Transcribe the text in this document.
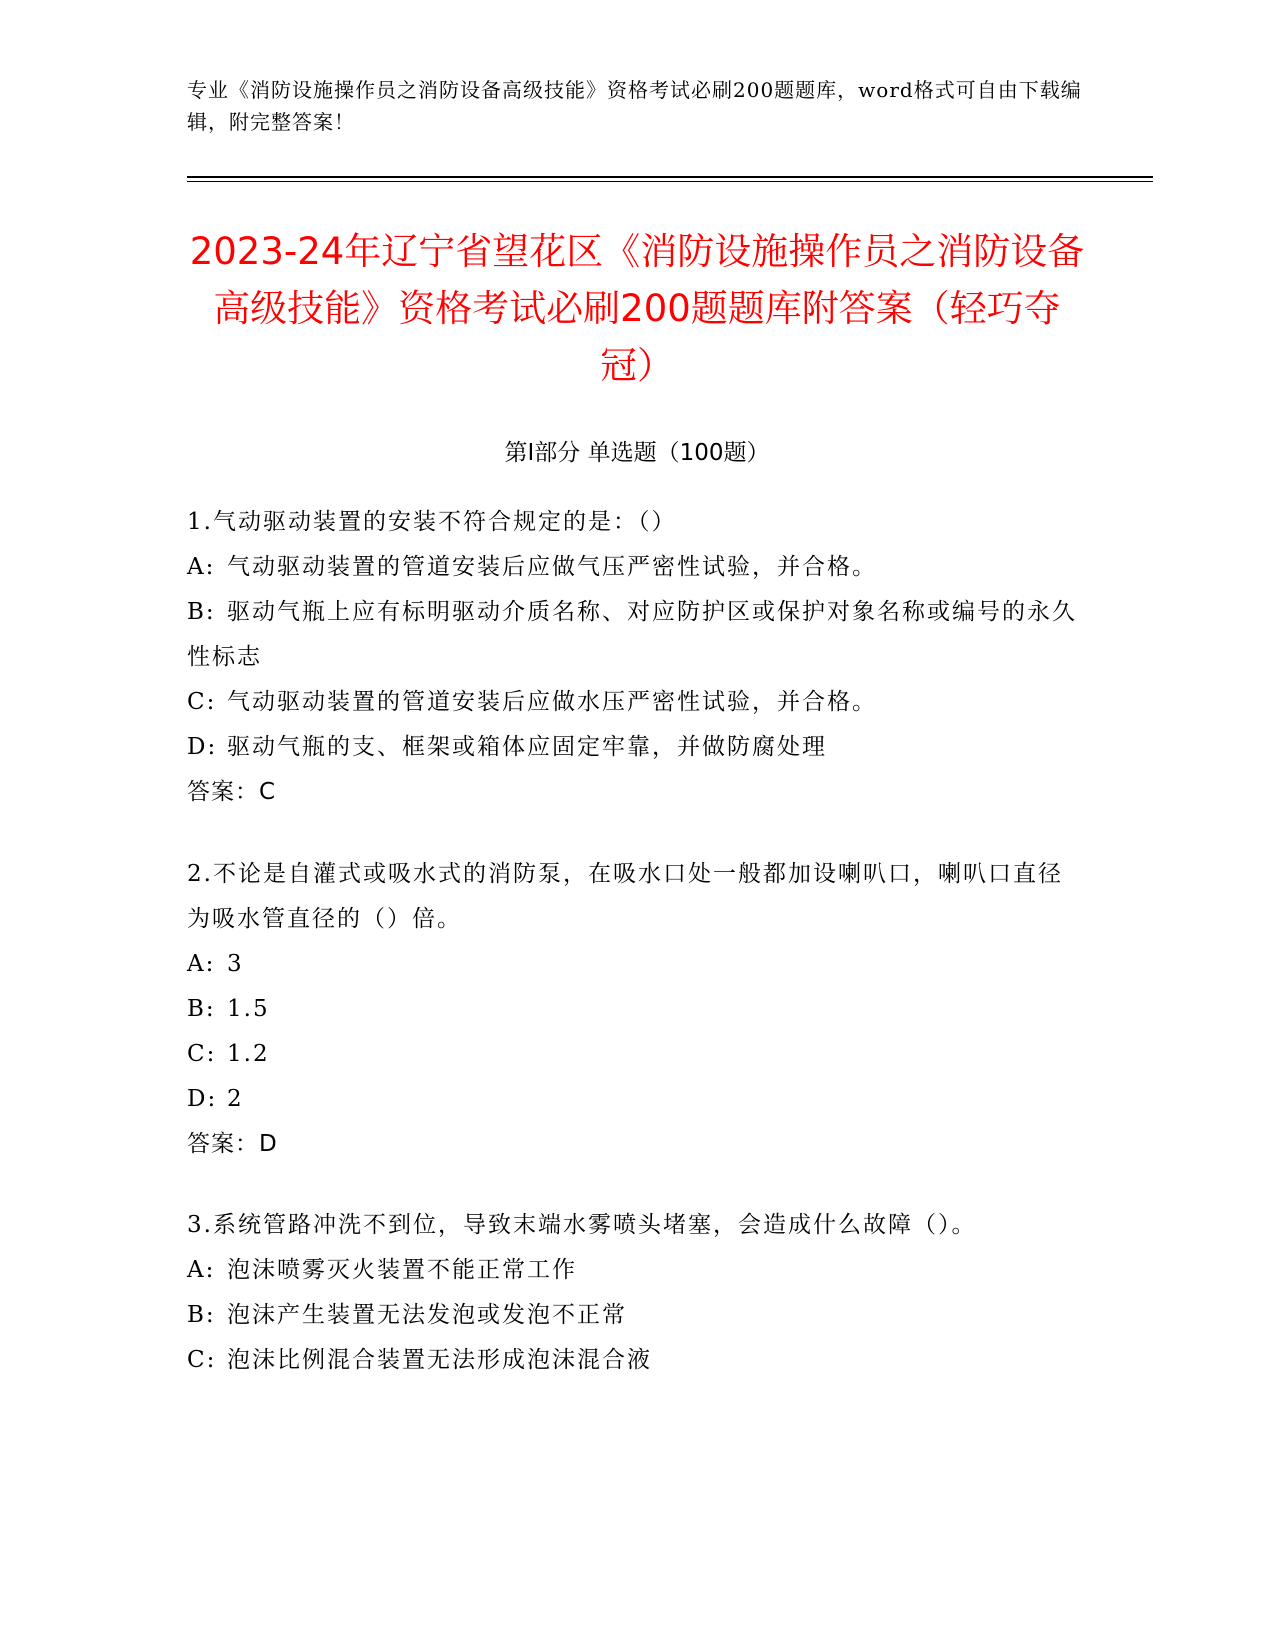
专业《消防设施操作员之消防设备高级技能》资格考试必刷200题题库，word格式可自由下载编辑，附完整答案！
2023-24年辽宁省望花区《消防设施操作员之消防设备高级技能》资格考试必刷200题题库附答案（轻巧夺冠）
第Ⅰ部分 单选题（100题）
1.气动驱动装置的安装不符合规定的是：（）
A: 气动驱动装置的管道安装后应做气压严密性试验，并合格。
B: 驱动气瓶上应有标明驱动介质名称、对应防护区或保护对象名称或编号的永久性标志
C: 气动驱动装置的管道安装后应做水压严密性试验，并合格。
D: 驱动气瓶的支、框架或箱体应固定牢靠，并做防腐处理
答案：C
2.不论是自灌式或吸水式的消防泵，在吸水口处一般都加设喇叭口，喇叭口直径为吸水管直径的（）倍。
A: 3
B: 1.5
C: 1.2
D: 2
答案：D
3.系统管路冲洗不到位，导致末端水雾喷头堵塞，会造成什么故障（）。
A: 泡沫喷雾灭火装置不能正常工作
B: 泡沫产生装置无法发泡或发泡不正常
C: 泡沫比例混合装置无法形成泡沫混合液
